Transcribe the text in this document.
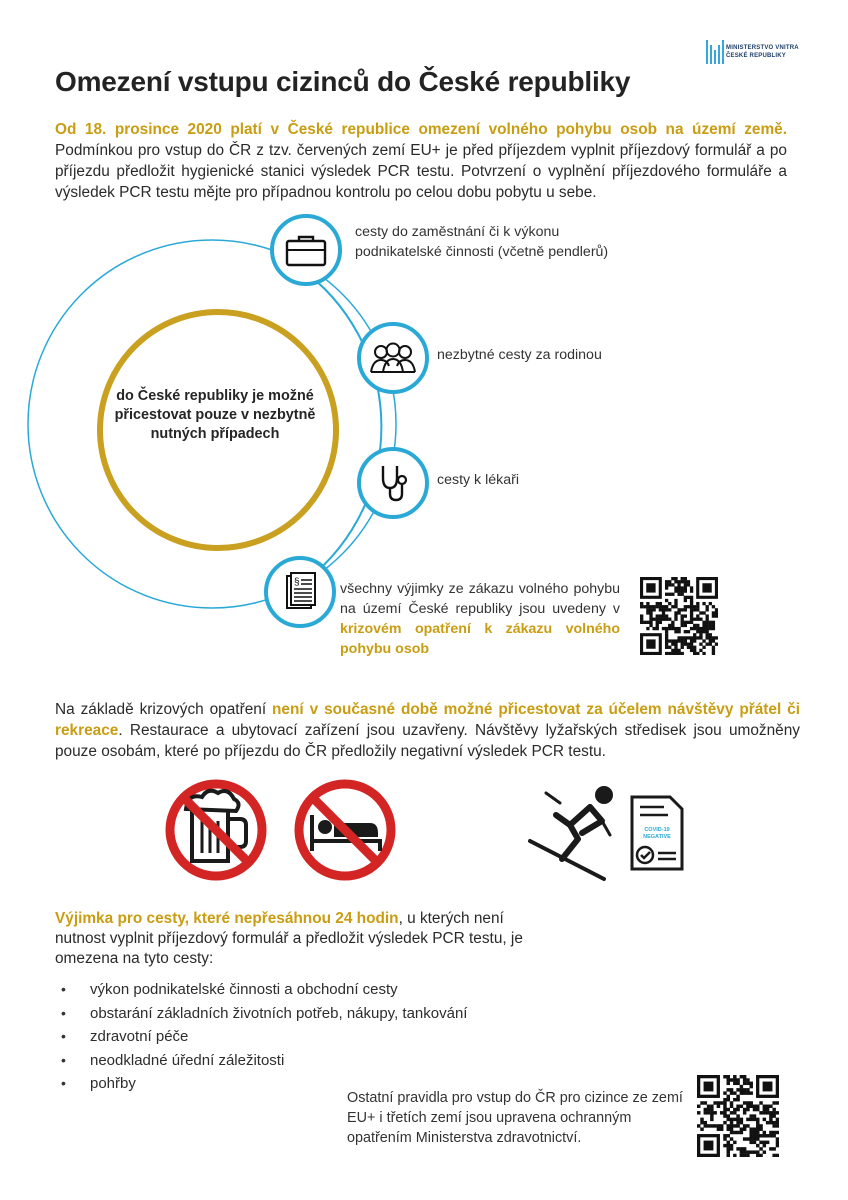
MINISTERSTVO VNITRA
ČESKÉ REPUBLIKY
Omezení vstupu cizinců do České republiky
Od 18. prosince 2020 platí v České republice omezení volného pohybu osob na území země. Podmínkou pro vstup do ČR z tzv. červených zemí EU+ je před příjezdem vyplnit příjezdový formulář a po příjezdu předložit hygienické stanici výsledek PCR testu. Potvrzení o vyplnění příjezdového formuláře a výsledek PCR testu mějte pro případnou kontrolu po celou dobu pobytu u sebe.
do České republiky je možné přicestovat pouze v nezbytně nutných případech
§
cesty do zaměstnání či k výkonu podnikatelské činnosti (včetně pendlerů)
nezbytné cesty za rodinou
cesty k lékaři
všechny výjimky ze zákazu volného pohybu na území České republiky jsou uvedeny v krizovém opatření k zákazu volného pohybu osob
Na základě krizových opatření není v současné době možné přicestovat za účelem návštěvy přátel či rekreace. Restaurace a ubytovací zařízení jsou uzavřeny. Návštěvy lyžařských středisek jsou umožněny pouze osobám, které po příjezdu do ČR předložily negativní výsledek PCR testu.
COVID-19
NEGATIVE
Výjimka pro cesty, které nepřesáhnou 24 hodin, u kterých není nutnost vyplnit příjezdový formulář a předložit výsledek PCR testu, je omezena na tyto cesty:
• výkon podnikatelské činnosti a obchodní cesty
• obstarání základních životních potřeb, nákupy, tankování
• zdravotní péče
• neodkladné úřední záležitosti
• pohřby
Ostatní pravidla pro vstup do ČR pro cizince ze zemí EU+ i třetích zemí jsou upravena ochranným opatřením Ministerstva zdravotnictví.
